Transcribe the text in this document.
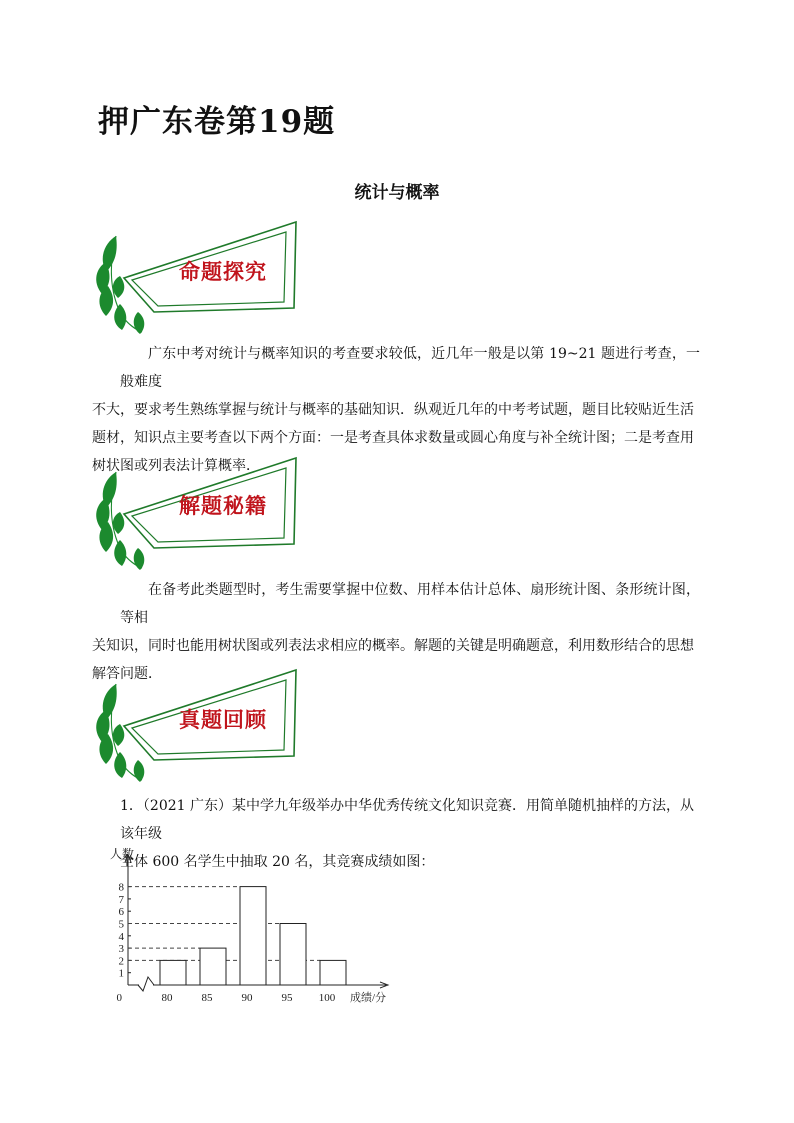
押广东卷第19题
统计与概率
命题探究

广东中考对统计与概率知识的考查要求较低，近几年一般是以第 19~21 题进行考查，一般难度
不大，要求考生熟练掌握与统计与概率的基础知识．纵观近几年的中考考试题，题目比较贴近生活
题材，知识点主要考查以下两个方面：一是考查具体求数量或圆心角度与补全统计图；二是考查用
树状图或列表法计算概率．

解题秘籍

在备考此类题型时，考生需要掌握中位数、用样本估计总体、扇形统计图、条形统计图，等相
关知识，同时也能用树状图或列表法求相应的概率。解题的关键是明确题意，利用数形结合的思想
解答问题．

真题回顾

1．（2021 广东）某中学九年级举办中华优秀传统文化知识竞赛．用简单随机抽样的方法，从该年级
全体 600 名学生中抽取 20 名，其竞赛成绩如图：

1
2
3
4
5
6
7
8
80	85	90	95 100
0
人数
成绩/分
